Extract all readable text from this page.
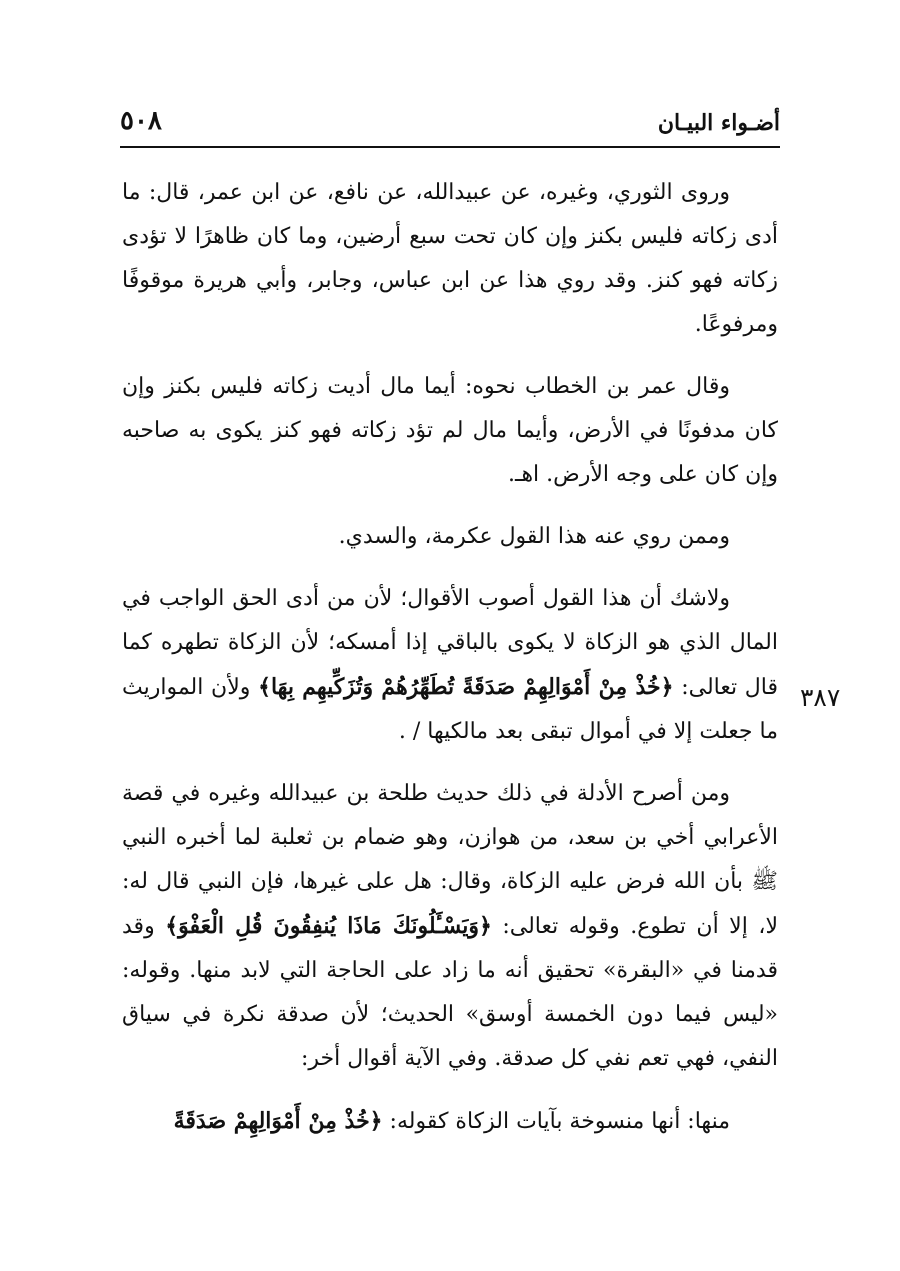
أضـواء البيـان
٥٠٨
٣٨٧

وروى الثوري، وغيره، عن عبيدالله، عن نافع، عن ابن عمر، قال: ما أدى زكاته فليس بكنز وإن كان تحت سبع أرضين، وما كان ظاهرًا لا تؤدى زكاته فهو كنز. وقد روي هذا عن ابن عباس، وجابر، وأبي هريرة موقوفًا ومرفوعًا.

وقال عمر بن الخطاب نحوه: أيما مال أديت زكاته فليس بكنز وإن كان مدفونًا في الأرض، وأيما مال لم تؤد زكاته فهو كنز يكوى به صاحبه وإن كان على وجه الأرض. اهـ.

وممن روي عنه هذا القول عكرمة، والسدي.

ولاشك أن هذا القول أصوب الأقوال؛ لأن من أدى الحق الواجب في المال الذي هو الزكاة لا يكوى بالباقي إذا أمسكه؛ لأن الزكاة تطهره كما قال تعالى: ﴿خُذْ مِنْ أَمْوَالِهِمْ صَدَقَةً تُطَهِّرُهُمْ وَتُزَكِّيهِم بِهَا﴾ ولأن المواريث ما جعلت إلا في أموال تبقى بعد مالكيها / .

ومن أصرح الأدلة في ذلك حديث طلحة بن عبيدالله وغيره في قصة الأعرابي أخي بن سعد، من هوازن، وهو ضمام بن ثعلبة لما أخبره النبي ﷺ بأن الله فرض عليه الزكاة، وقال: هل على غيرها، فإن النبي قال له: لا، إلا أن تطوع. وقوله تعالى: ﴿وَيَسْـَٔلُونَكَ مَاذَا يُنفِقُونَ قُلِ الْعَفْوَ﴾ وقد قدمنا في «البقرة» تحقيق أنه ما زاد على الحاجة التي لابد منها. وقوله: «ليس فيما دون الخمسة أوسق» الحديث؛ لأن صدقة نكرة في سياق النفي، فهي تعم نفي كل صدقة. وفي الآية أقوال أخر:

منها: أنها منسوخة بآيات الزكاة كقوله: ﴿خُذْ مِنْ أَمْوَالِهِمْ صَدَقَةً
